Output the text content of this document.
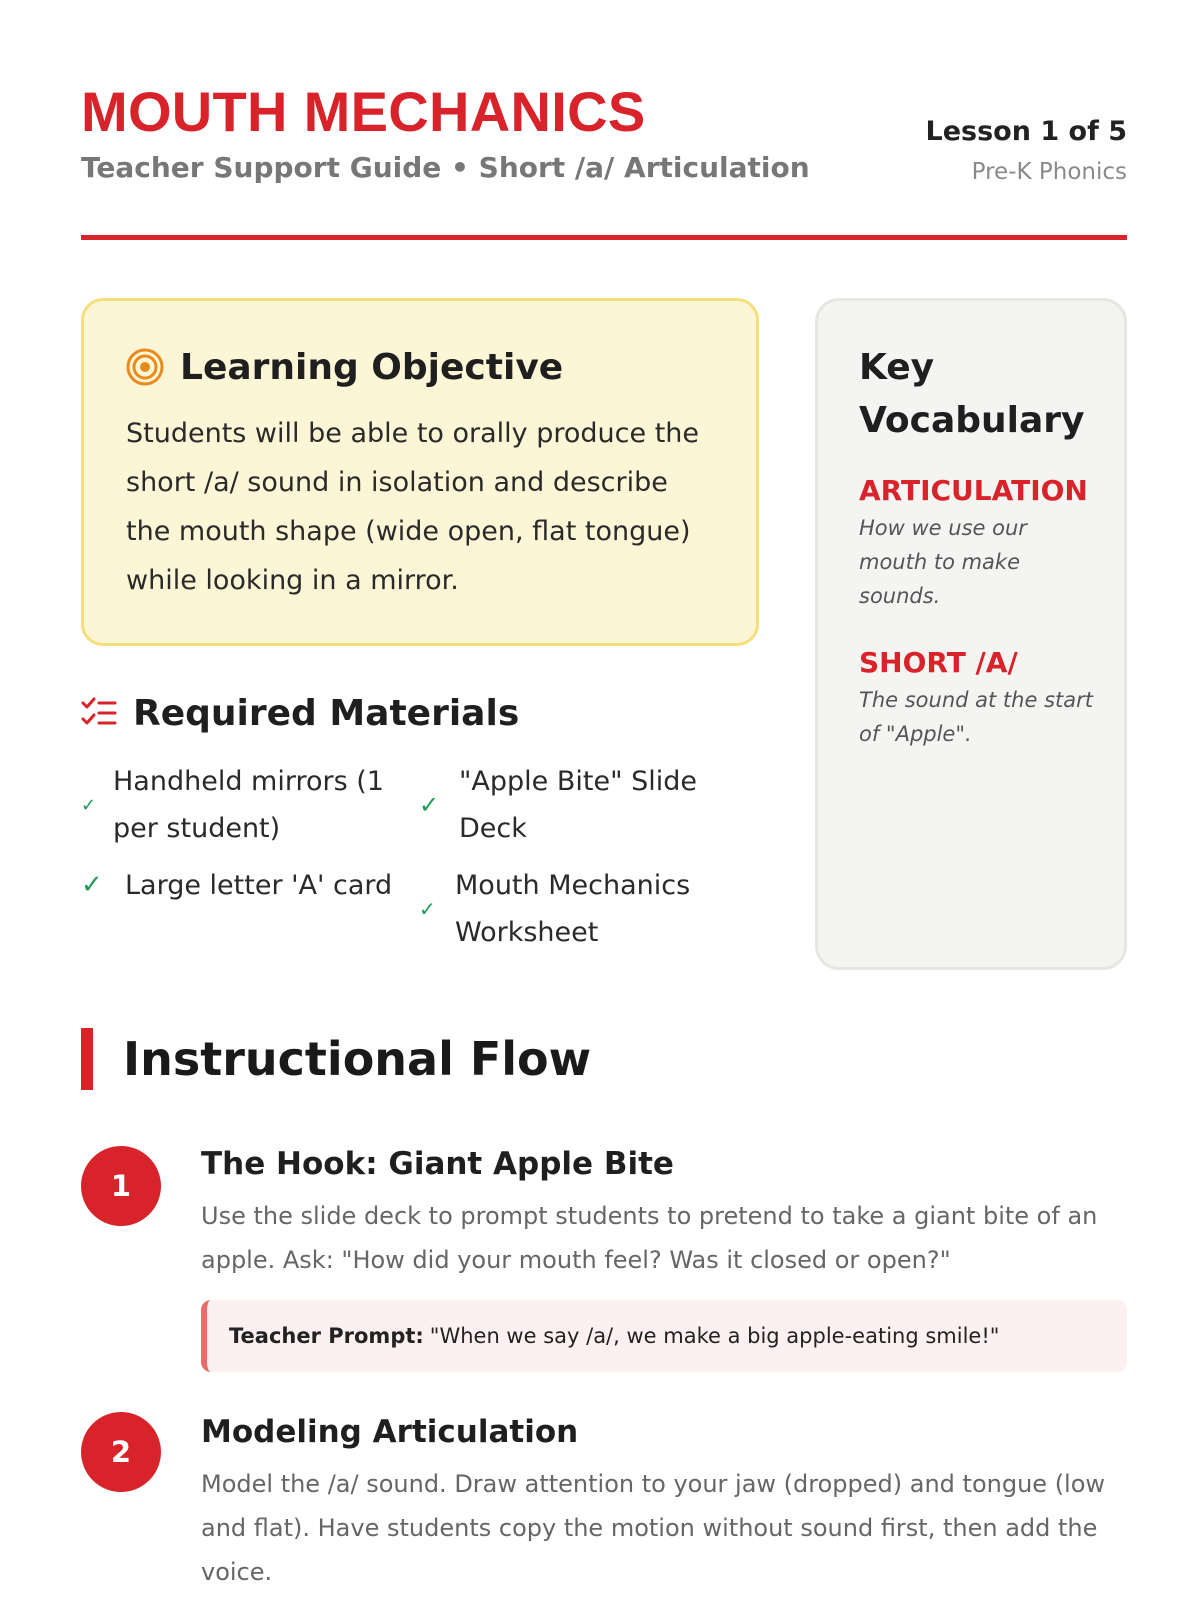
MOUTH MECHANICS
Teacher Support Guide • Short /a/ Articulation
Lesson 1 of 5
Pre-K Phonics
Learning Objective
Students will be able to orally produce the short /a/ sound in isolation and describe the mouth shape (wide open, flat tongue) while looking in a mirror.
Required Materials
✓
Handheld mirrors (1 per student)
✓
"Apple Bite" Slide Deck
✓ Large letter 'A' card
✓
Mouth Mechanics Worksheet
Key Vocabulary
ARTICULATION
How we use our mouth to make sounds.
SHORT /A/
The sound at the start of "Apple".
Instructional Flow
1
The Hook: Giant Apple Bite
Use the slide deck to prompt students to pretend to take a giant bite of an apple. Ask: "How did your mouth feel? Was it closed or open?"
Teacher Prompt: "When we say /a/, we make a big apple-eating smile!"
2
Modeling Articulation
Model the /a/ sound. Draw attention to your jaw (dropped) and tongue (low and flat). Have students copy the motion without sound first, then add the voice.
